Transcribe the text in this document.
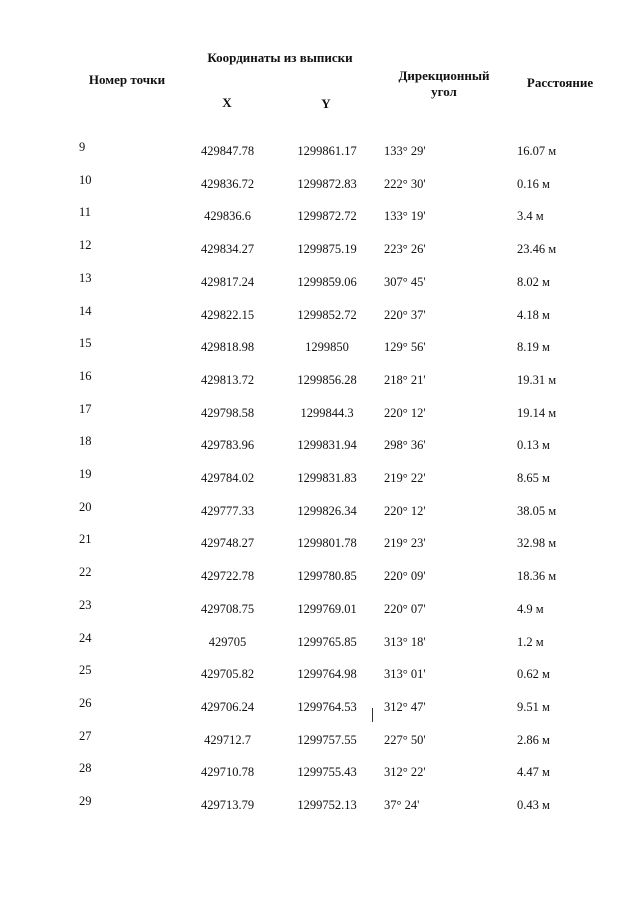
Координаты из выписки
Номер точки
X	Y
Дирекционный
угол
Расстояние
9	429847.78	1299861.17	133° 29'	16.07 м
10	429836.72	1299872.83	222° 30'	0.16 м
11	429836.6	1299872.72	133° 19'	3.4 м
12	429834.27	1299875.19	223° 26'	23.46 м
13	429817.24	1299859.06	307° 45'	8.02 м
14	429822.15	1299852.72	220° 37'	4.18 м
15	429818.98	1299850	129° 56'	8.19 м
16	429813.72	1299856.28	218° 21'	19.31 м
17	429798.58	1299844.3	220° 12'	19.14 м
18	429783.96	1299831.94	298° 36'	0.13 м
19	429784.02	1299831.83	219° 22'	8.65 м
20	429777.33	1299826.34	220° 12'	38.05 м
21	429748.27	1299801.78	219° 23'	32.98 м
22	429722.78	1299780.85	220° 09'	18.36 м
23	429708.75	1299769.01	220° 07'	4.9 м
24	429705	1299765.85	313° 18'	1.2 м
25	429705.82	1299764.98	313° 01'	0.62 м
26	429706.24	1299764.53	312° 47'	9.51 м
27	429712.7	1299757.55	227° 50'	2.86 м
28	429710.78	1299755.43	312° 22'	4.47 м
29	429713.79	1299752.13	37° 24'	0.43 м
